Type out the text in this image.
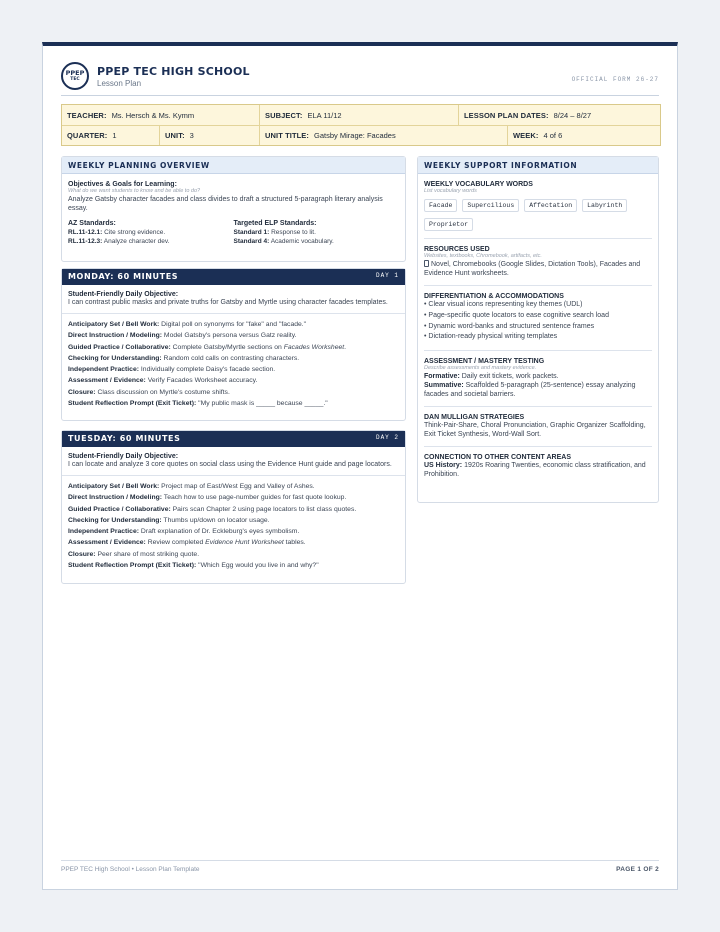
PPEP
TEC
PPEP TEC HIGH SCHOOL
Lesson Plan	OFFICIAL FORM 26-27
TEACHER: Ms. Hersch & Ms. Kymm	SUBJECT: ELA 11/12	LESSON PLAN DATES: 8/24 – 8/27
QUARTER: 1	UNIT: 3	UNIT TITLE: Gatsby Mirage: Facades	WEEK: 4 of 6
WEEKLY PLANNING OVERVIEW
Objectives & Goals for Learning:
What do we want students to know and be able to do?
Analyze Gatsby character facades and class divides to draft a structured 5-paragraph literary analysis essay.
AZ Standards:
RL.11-12.1: Cite strong evidence.
RL.11-12.3: Analyze character dev.
Targeted ELP Standards:
Standard 1: Response to lit.
Standard 4: Academic vocabulary.
MONDAY: 60 MINUTES	DAY 1
Student-Friendly Daily Objective:
I can contrast public masks and private truths for Gatsby and Myrtle using character facades templates.
Anticipatory Set / Bell Work: Digital poll on synonyms for "fake" and "facade."
Direct Instruction / Modeling: Model Gatsby's persona versus Gatz reality.
Guided Practice / Collaborative: Complete Gatsby/Myrtle sections on Facades Worksheet.
Checking for Understanding: Random cold calls on contrasting characters.
Independent Practice: Individually complete Daisy's facade section.
Assessment / Evidence: Verify Facades Worksheet accuracy.
Closure: Class discussion on Myrtle's costume shifts.
Student Reflection Prompt (Exit Ticket): "My public mask is _____ because _____."
TUESDAY: 60 MINUTES	DAY 2
Student-Friendly Daily Objective:
I can locate and analyze 3 core quotes on social class using the Evidence Hunt guide and page locators.
Anticipatory Set / Bell Work: Project map of East/West Egg and Valley of Ashes.
Direct Instruction / Modeling: Teach how to use page-number guides for fast quote lookup.
Guided Practice / Collaborative: Pairs scan Chapter 2 using page locators to list class quotes.
Checking for Understanding: Thumbs up/down on locator usage.
Independent Practice: Draft explanation of Dr. Eckleburg's eyes symbolism.
Assessment / Evidence: Review completed Evidence Hunt Worksheet tables.
Closure: Peer share of most striking quote.
Student Reflection Prompt (Exit Ticket): "Which Egg would you live in and why?"
WEEKLY SUPPORT INFORMATION
WEEKLY VOCABULARY WORDS
List vocabulary words
Facade	Supercilious	Affectation	Labyrinth
Proprietor
RESOURCES USED
Websites, textbooks, Chromebook, artifacts, etc.
Novel, Chromebooks (Google Slides, Dictation Tools), Facades and Evidence Hunt worksheets.
DIFFERENTIATION & ACCOMMODATIONS
• Clear visual icons representing key themes (UDL)
• Page-specific quote locators to ease cognitive search load
• Dynamic word-banks and structured sentence frames
• Dictation-ready physical writing templates
ASSESSMENT / MASTERY TESTING
Describe assessments and mastery evidence.
Formative: Daily exit tickets, work packets.
Summative: Scaffolded 5-paragraph (25-sentence) essay analyzing facades and societal barriers.
DAN MULLIGAN STRATEGIES
Think-Pair-Share, Choral Pronunciation, Graphic Organizer Scaffolding, Exit Ticket Synthesis, Word-Wall Sort.
CONNECTION TO OTHER CONTENT AREAS
US History: 1920s Roaring Twenties, economic class stratification, and Prohibition.
PPEP TEC High School • Lesson Plan Template	PAGE 1 OF 2
